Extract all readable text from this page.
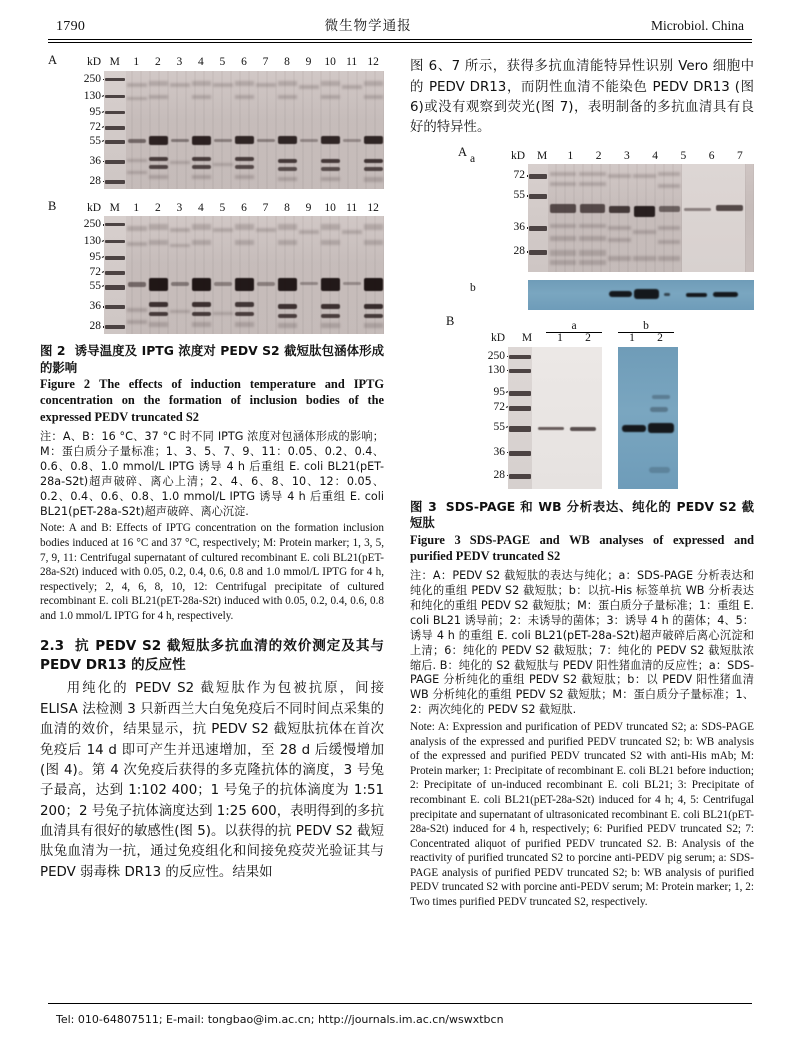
1790	微生物学通报	Microbiol. China
A	kD M	1	2	3	4	5	6	7	8	9	10 11 12
250
130
95
72
55
36
28
B	kD M	1	2	3	4	5	6	7	8	9	10 11 12
250
130
95
72
55
36
28
图 2 诱导温度及 IPTG 浓度对 PEDV S2 截短肽包涵体形成的影响
Figure 2 The effects of induction temperature and IPTG concentration on the formation of inclusion bodies of the expressed PEDV truncated S2
注：A、B：16 °C、37 °C 时不同 IPTG 浓度对包涵体形成的影响；M：蛋白质分子量标准；1、3、5、7、9、11：0.05、0.2、0.4、0.6、0.8、1.0 mmol/L IPTG 诱导 4 h 后重组 E. coli BL21(pET-28a-S2t)超声破碎、离心上清；2、4、6、8、10、12：0.05、0.2、0.4、0.6、0.8、1.0 mmol/L IPTG 诱导 4 h 后重组 E. coli BL21(pET-28a-S2t)超声破碎、离心沉淀.
Note: A and B: Effects of IPTG concentration on the formation inclusion bodies induced at 16 °C and 37 °C, respectively; M: Protein marker; 1, 3, 5, 7, 9, 11: Centrifugal supernatant of cultured recombinant E. coli BL21(pET-28a-S2t) induced with 0.05, 0.2, 0.4, 0.6, 0.8 and 1.0 mmol/L IPTG for 4 h, respectively; 2, 4, 6, 8, 10, 12: Centrifugal precipitate of cultured recombinant E. coli BL21(pET-28a-S2t) induced with 0.05, 0.2, 0.4, 0.6, 0.8 and 1.0 mmol/L IPTG for 4 h, respectively.
2.3 抗 PEDV S2 截短肽多抗血清的效价测定及其与 PEDV DR13 的反应性

用纯化的 PEDV S2 截短肽作为包被抗原，间接 ELISA 法检测 3 只新西兰大白兔免疫后不同时间点采集的血清的效价，结果显示，抗 PEDV S2 截短肽抗体在首次免疫后 14 d 即可产生并迅速增加，至 28 d 后缓慢增加(图 4)。第 4 次免疫后获得的多克隆抗体的滴度，3 号兔子最高，达到 1:102 400；1 号兔子的抗体滴度为 1:51 200；2 号兔子抗体滴度达到 1:25 600，表明得到的多抗血清具有很好的敏感性(图 5)。以获得的抗 PEDV S2 截短肽兔血清为一抗，通过免疫组化和间接免疫荧光验证其与 PEDV 弱毒株 DR13 的反应性。结果如

图 6、7 所示，获得多抗血清能特异性识别 Vero 细胞中的 PEDV DR13，而阴性血清不能染色 PEDV DR13 (图 6)或没有观察到荧光(图 7)，表明制备的多抗血清具有良好的特异性。

A a	kD	M	1	2	3	4	5	6	7
72
55
36
28
b
B	a	b
kD	M	1	2	1	2
250
130
95
72
55
36
28
图 3 SDS-PAGE 和 WB 分析表达、纯化的 PEDV S2 截短肽
Figure 3 SDS-PAGE and WB analyses of expressed and purified PEDV truncated S2
注：A：PEDV S2 截短肽的表达与纯化；a：SDS-PAGE 分析表达和纯化的重组 PEDV S2 截短肽；b：以抗-His 标签单抗 WB 分析表达和纯化的重组 PEDV S2 截短肽；M：蛋白质分子量标准；1：重组 E. coli BL21 诱导前；2：未诱导的菌体；3：诱导 4 h 的菌体；4、5：诱导 4 h 的重组 E. coli BL21(pET-28a-S2t)超声破碎后离心沉淀和上清；6：纯化的 PEDV S2 截短肽；7：纯化的 PEDV S2 截短肽浓缩后. B：纯化的 S2 截短肽与 PEDV 阳性猪血清的反应性；a：SDS-PAGE 分析纯化的重组 PEDV S2 截短肽；b：以 PEDV 阳性猪血清 WB 分析纯化的重组 PEDV S2 截短肽；M：蛋白质分子量标准；1、2：两次纯化的 PEDV S2 截短肽.
Note: A: Expression and purification of PEDV truncated S2; a: SDS-PAGE analysis of the expressed and purified PEDV truncated S2; b: WB analysis of the expressed and purified PEDV truncated S2 with anti-His mAb; M: Protein marker; 1: Precipitate of recombinant E. coli BL21 before induction; 2: Precipitate of un-induced recombinant E. coli BL21; 3: Precipitate of recombinant E. coli BL21(pET-28a-S2t) induced for 4 h; 4, 5: Centrifugal precipitate and supernatant of ultrasonicated recombinant E. coli BL21(pET-28a-S2t) induced for 4 h, respectively; 6: Purified PEDV truncated S2; 7: Concentrated aliquot of purified PEDV truncated S2. B: Analysis of the reactivity of purified truncated S2 to porcine anti-PEDV pig serum; a: SDS-PAGE analysis of purified PEDV truncated S2; b: WB analysis of purified PEDV truncated S2 with porcine anti-PEDV serum; M: Protein marker; 1, 2: Two times purified PEDV truncated S2, respectively.
Tel: 010-64807511; E-mail: tongbao@im.ac.cn; http://journals.im.ac.cn/wswxtbcn
